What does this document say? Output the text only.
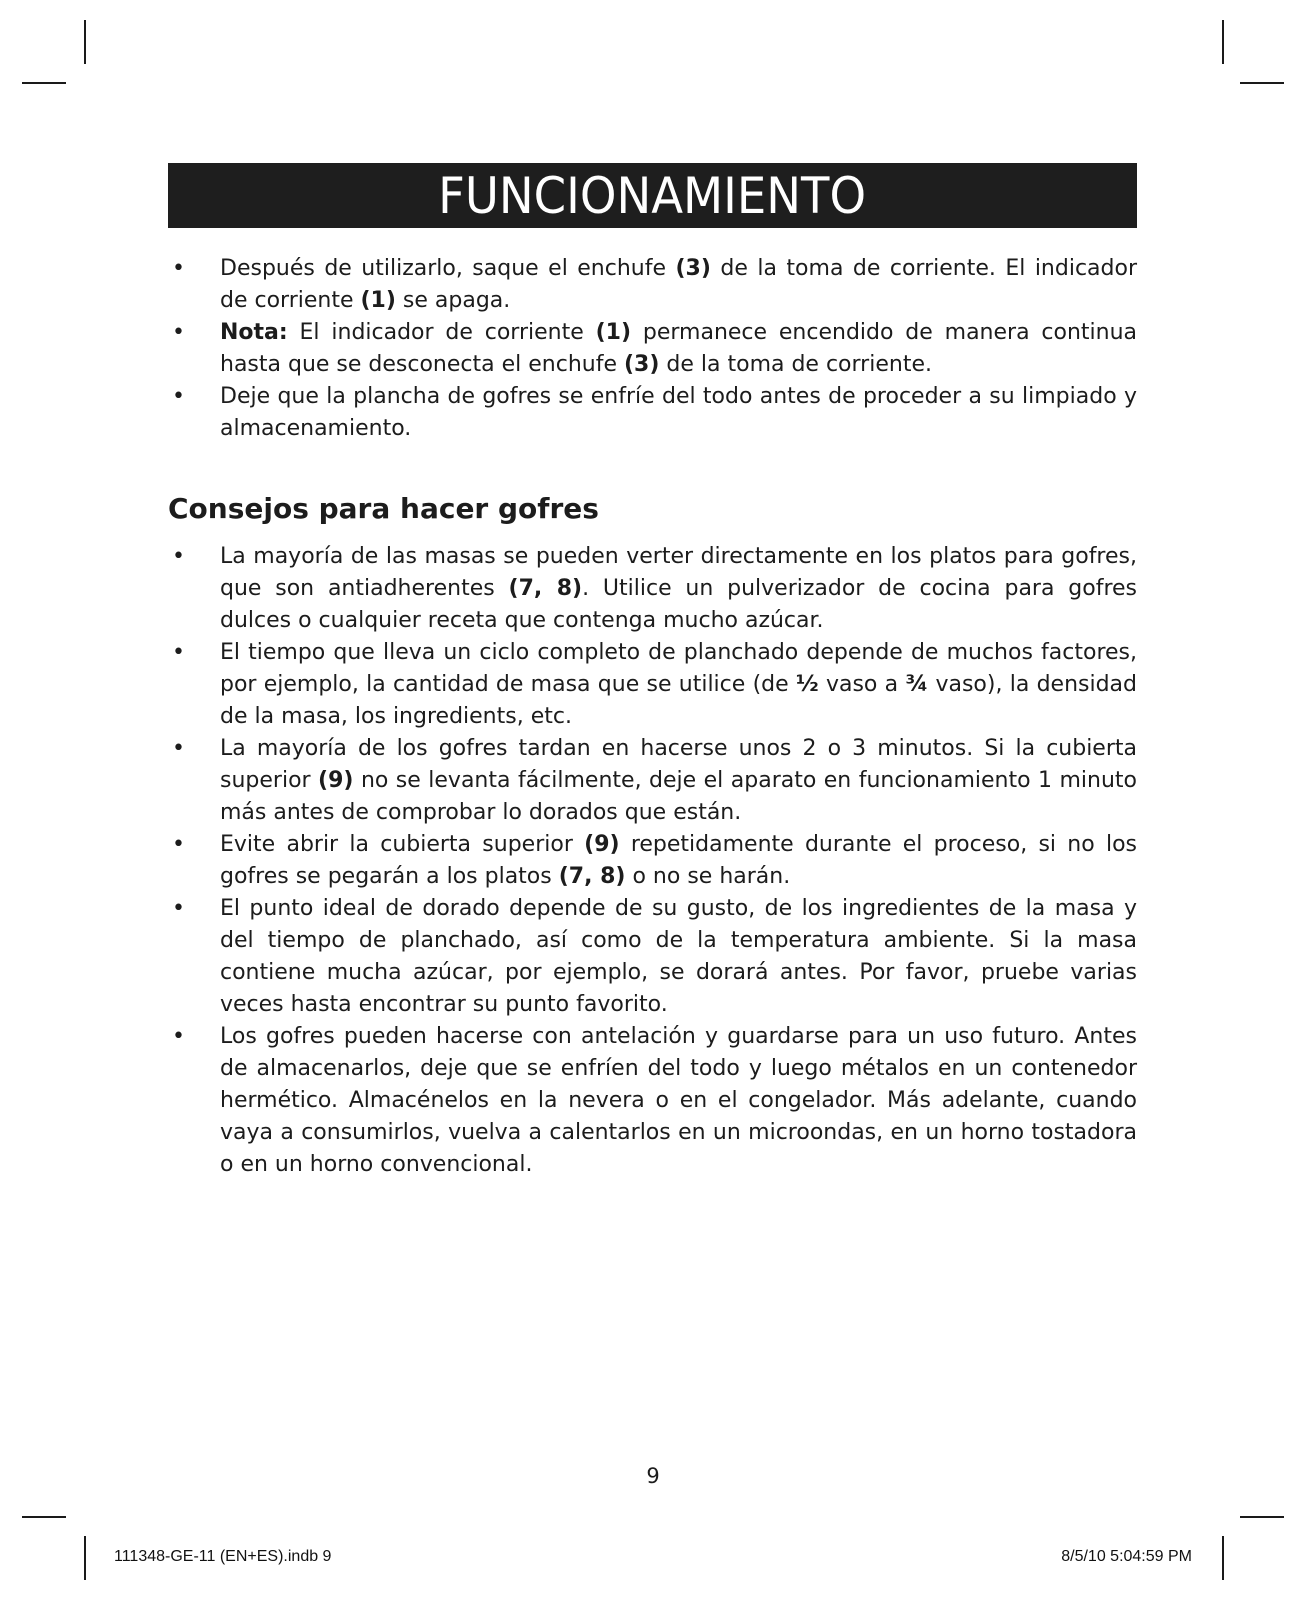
FUNCIONAMIENTO
• Después de utilizarlo, saque el enchufe (3) de la toma de corriente. El indicador de corriente (1) se apaga.
• Nota: El indicador de corriente (1) permanece encendido de manera continua hasta que se desconecta el enchufe (3) de la toma de corriente.
• Deje que la plancha de gofres se enfríe del todo antes de proceder a su limpiado y almacenamiento.
Consejos para hacer gofres
• La mayoría de las masas se pueden verter directamente en los platos para gofres, que son antiadherentes (7, 8). Utilice un pulverizador de cocina para gofres dulces o cualquier receta que contenga mucho azúcar.
• El tiempo que lleva un ciclo completo de planchado depende de muchos factores, por ejemplo, la cantidad de masa que se utilice (de ½ vaso a ¾ vaso), la densidad de la masa, los ingredients, etc.
• La mayoría de los gofres tardan en hacerse unos 2 o 3 minutos. Si la cubierta superior (9) no se levanta fácilmente, deje el aparato en funcionamiento 1 minuto más antes de comprobar lo dorados que están.
• Evite abrir la cubierta superior (9) repetidamente durante el proceso, si no los gofres se pegarán a los platos (7, 8) o no se harán.
• El punto ideal de dorado depende de su gusto, de los ingredientes de la masa y del tiempo de planchado, así como de la temperatura ambiente. Si la masa contiene mucha azúcar, por ejemplo, se dorará antes. Por favor, pruebe varias veces hasta encontrar su punto favorito.
• Los gofres pueden hacerse con antelación y guardarse para un uso futuro. Antes de almacenarlos, deje que se enfríen del todo y luego métalos en un contenedor hermético. Almacénelos en la nevera o en el congelador. Más adelante, cuando vaya a consumirlos, vuelva a calentarlos en un microondas, en un horno tostadora o en un horno convencional.
9
111348-GE-11 (EN+ES).indb 9	8/5/10 5:04:59 PM
